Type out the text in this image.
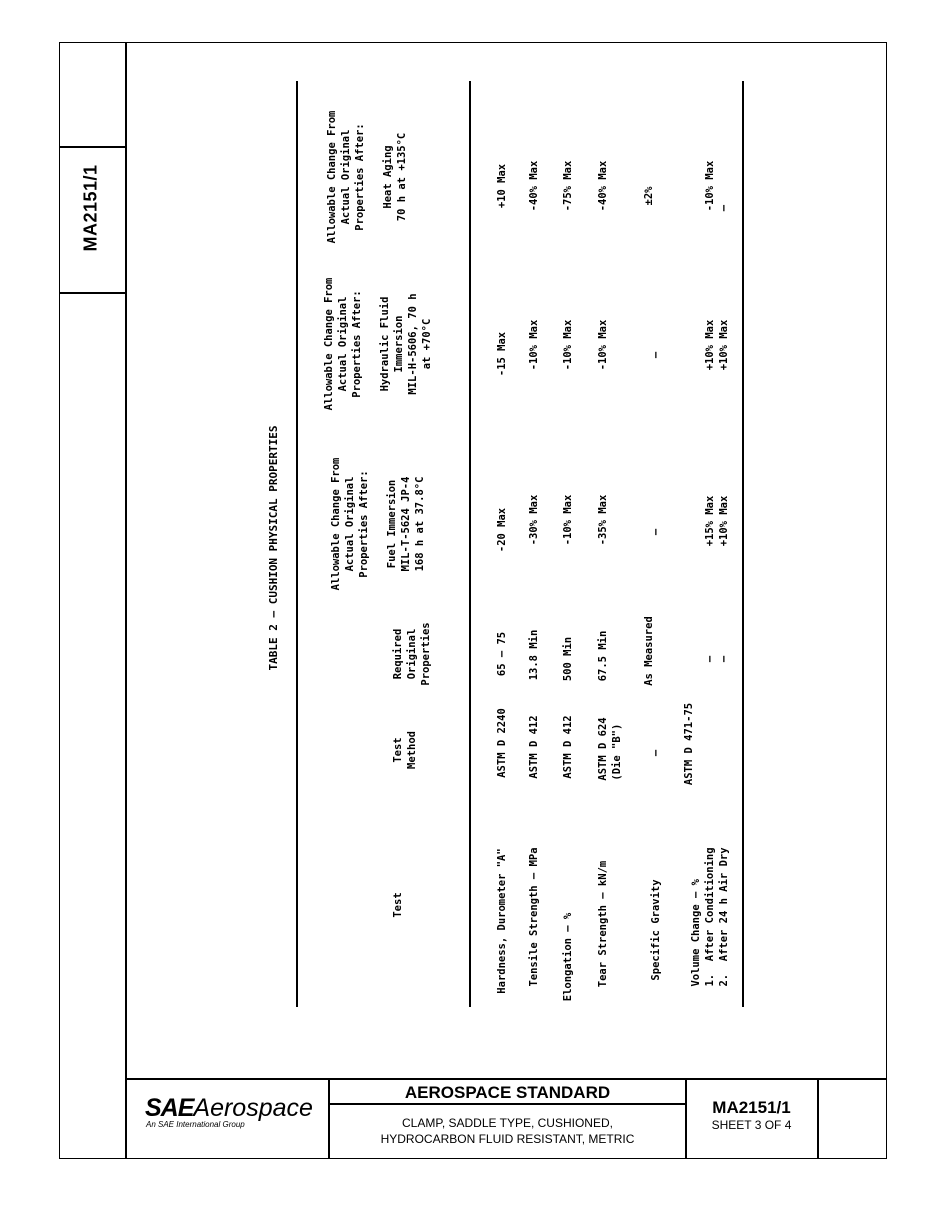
MA2151/1
SAEAerospace
An SAE International Group
AEROSPACE STANDARD
CLAMP, SADDLE TYPE, CUSHIONED,
HYDROCARBON FLUID RESISTANT, METRIC
MA2151/1
SHEET 3 OF 4
TABLE 2 – CUSHION PHYSICAL PROPERTIES
Test
Test
Method
Required
Original
Properties
Allowable Change From
Actual Original
Properties After:

Fuel Immersion
MIL-T-5624 JP-4
168 h at 37.8°C
Allowable Change From
Actual Original
Properties After:

Hydraulic Fluid
Immersion
MIL-H-5606, 70 h
at +70°C
Allowable Change From
Actual Original
Properties After:

Heat Aging
70 h at +135°C
Hardness, Durometer "A"
ASTM D 2240
65 – 75
-20 Max
-15 Max
+10 Max
Tensile Strength – MPa
ASTM D 412
13.8 Min
-30% Max
-10% Max
-40% Max
Elongation – %
ASTM D 412
500 Min
-10% Max
-10% Max
-75% Max
Tear Strength – kN/m
ASTM D 624
(Die "B")
67.5 Min
-35% Max
-10% Max
-40% Max
Specific Gravity
—
As Measured
—
—
±2%
Volume Change – %
1.  After Conditioning
2.  After 24 h Air Dry
ASTM D 471-75

—
—

+15% Max
+10% Max

+10% Max
+10% Max

-10% Max
—
